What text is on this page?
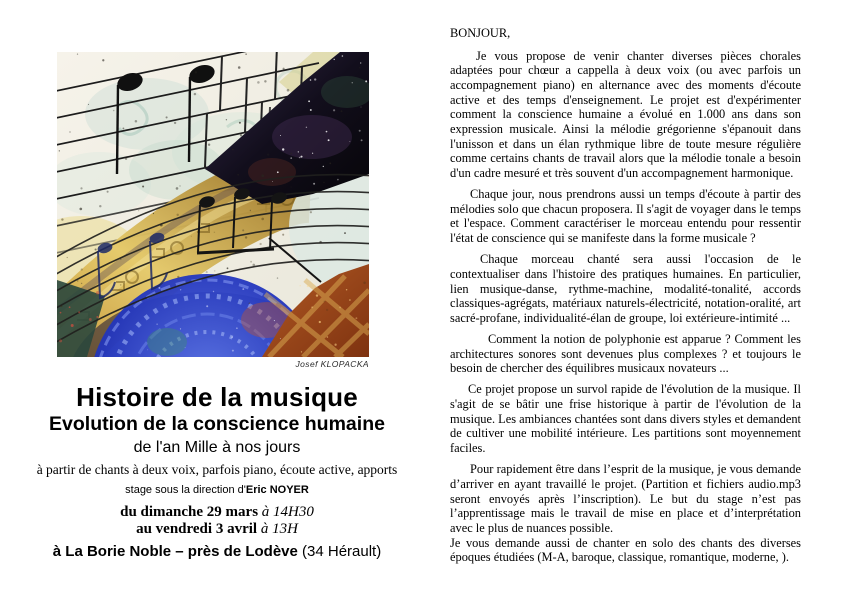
Josef KLOPACKA
Histoire de la musique
Evolution de la conscience humaine
de l'an Mille à nos jours
à partir de chants à deux voix, parfois piano, écoute active, apports
stage sous la direction d'Eric NOYER
du dimanche 29 mars à 14H30
au vendredi 3 avril à 13H
à La Borie Noble – près de Lodève (34 Hérault)
BONJOUR,

Je vous propose de venir chanter diverses pièces chorales adaptées pour chœur a cappella à deux voix (ou avec parfois un accompagnement piano) en alternance avec des moments d'écoute active et des temps d'enseignement. Le projet est d'expérimenter comment la conscience humaine a évolué en 1.000 ans dans son expression musicale. Ainsi la mélodie grégorienne s'épanouit dans l'unisson et dans un élan rythmique libre de toute mesure régulière comme certains chants de travail alors que la mélodie tonale a besoin d'un cadre mesuré et très souvent d'un accompagnement harmonique.

Chaque jour, nous prendrons aussi un temps d'écoute à partir des mélodies solo que chacun proposera. Il s'agit de voyager dans le temps et l'espace. Comment caractériser le morceau entendu pour ressentir l'état de conscience qui se manifeste dans la forme musicale ?

Chaque morceau chanté sera aussi l'occasion de le contextualiser dans l'histoire des pratiques humaines. En particulier, lien musique-danse, rythme-machine, modalité-tonalité, accords classiques-agrégats, matériaux naturels-électricité, notation-oralité, art sacré-profane, individualité-élan de groupe, loi extérieure-intimité ...

Comment la notion de polyphonie est apparue ? Comment les architectures sonores sont devenues plus complexes ? et toujours le besoin de chercher des équilibres musicaux novateurs ...

Ce projet propose un survol rapide de l'évolution de la musique. Il s'agit de se bâtir une frise historique à partir de l'évolution de la musique. Les ambiances chantées sont dans divers styles et demandent de cultiver une mobilité intérieure. Les partitions sont moyennement faciles.

Pour rapidement être dans l’esprit de la musique, je vous demande d’arriver en ayant travaillé le projet. (Partition et fichiers audio.mp3 seront envoyés après l’inscription). Le but du stage n’est pas l’apprentissage mais le travail de mise en place et d’interprétation avec le plus de nuances possible.

Je vous demande aussi de chanter en solo des chants des diverses époques étudiées (M-A, baroque, classique, romantique, moderne, ).
